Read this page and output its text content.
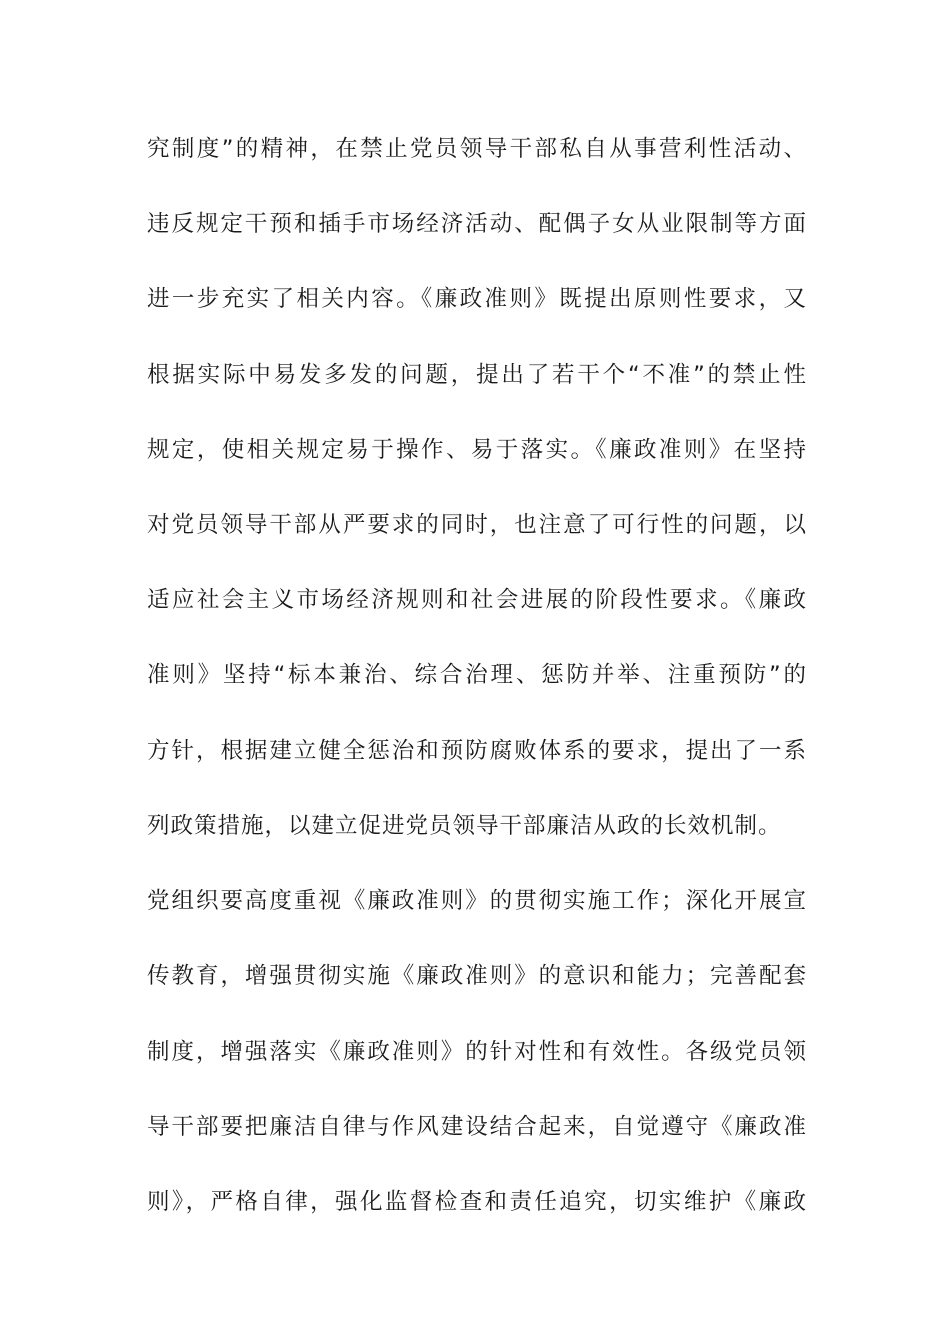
究制度”的精神，在禁止党员领导干部私自从事营利性活动、
违反规定干预和插手市场经济活动、配偶子女从业限制等方面
进一步充实了相关内容。《廉政准则》既提出原则性要求，又
根据实际中易发多发的问题，提出了若干个“不准”的禁止性
规定，使相关规定易于操作、易于落实。《廉政准则》在坚持
对党员领导干部从严要求的同时，也注意了可行性的问题，以
适应社会主义市场经济规则和社会进展的阶段性要求。《廉政
准则》坚持“标本兼治、综合治理、惩防并举、注重预防”的
方针，根据建立健全惩治和预防腐败体系的要求，提出了一系
列政策措施，以建立促进党员领导干部廉洁从政的长效机制。
党组织要高度重视《廉政准则》的贯彻实施工作；深化开展宣
传教育，增强贯彻实施《廉政准则》的意识和能力；完善配套
制度，增强落实《廉政准则》的针对性和有效性。各级党员领
导干部要把廉洁自律与作风建设结合起来，自觉遵守《廉政准
则》，严格自律，强化监督检查和责任追究，切实维护《廉政
